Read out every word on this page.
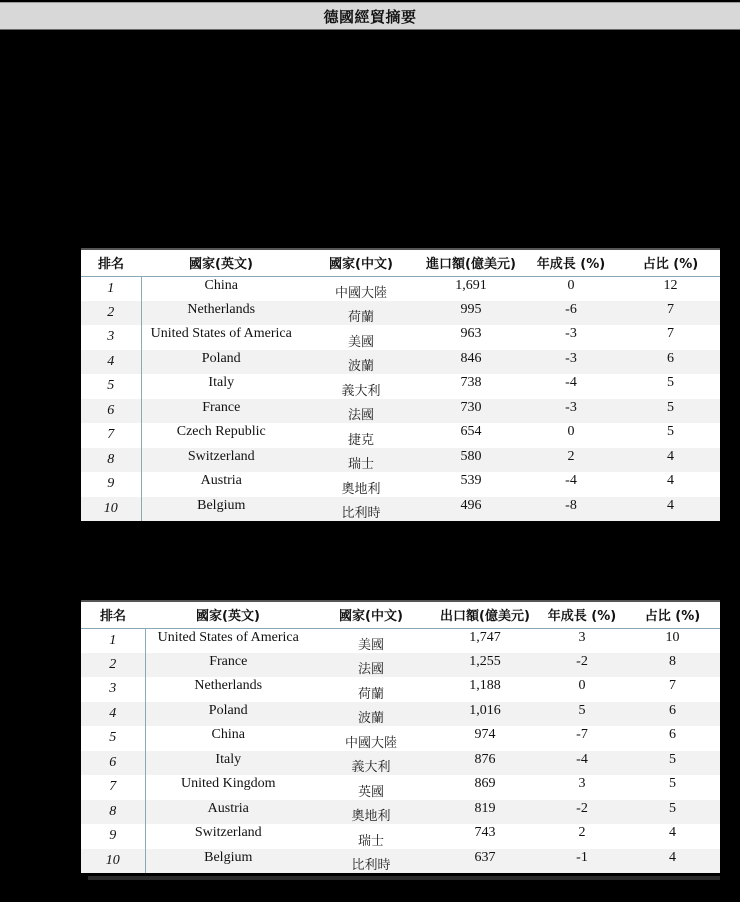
德國經貿摘要
排名	國家(英文)	國家(中文)	進口額(億美元)	年成長 (%)	占比 (%)
1	China	中國大陸	1,691	0	12
2	Netherlands	荷蘭	995	-6	7
3	United States of America	美國	963	-3	7
4	Poland	波蘭	846	-3	6
5	Italy	義大利	738	-4	5
6	France	法國	730	-3	5
7	Czech Republic	捷克	654	0	5
8	Switzerland	瑞士	580	2	4
9	Austria	奧地利	539	-4	4
10	Belgium	比利時	496	-8	4
排名	國家(英文)	國家(中文)	出口額(億美元)	年成長 (%)	占比 (%)
1	United States of America	美國	1,747	3	10
2	France	法國	1,255	-2	8
3	Netherlands	荷蘭	1,188	0	7
4	Poland	波蘭	1,016	5	6
5	China	中國大陸	974	-7	6
6	Italy	義大利	876	-4	5
7	United Kingdom	英國	869	3	5
8	Austria	奧地利	819	-2	5
9	Switzerland	瑞士	743	2	4
10	Belgium	比利時	637	-1	4
